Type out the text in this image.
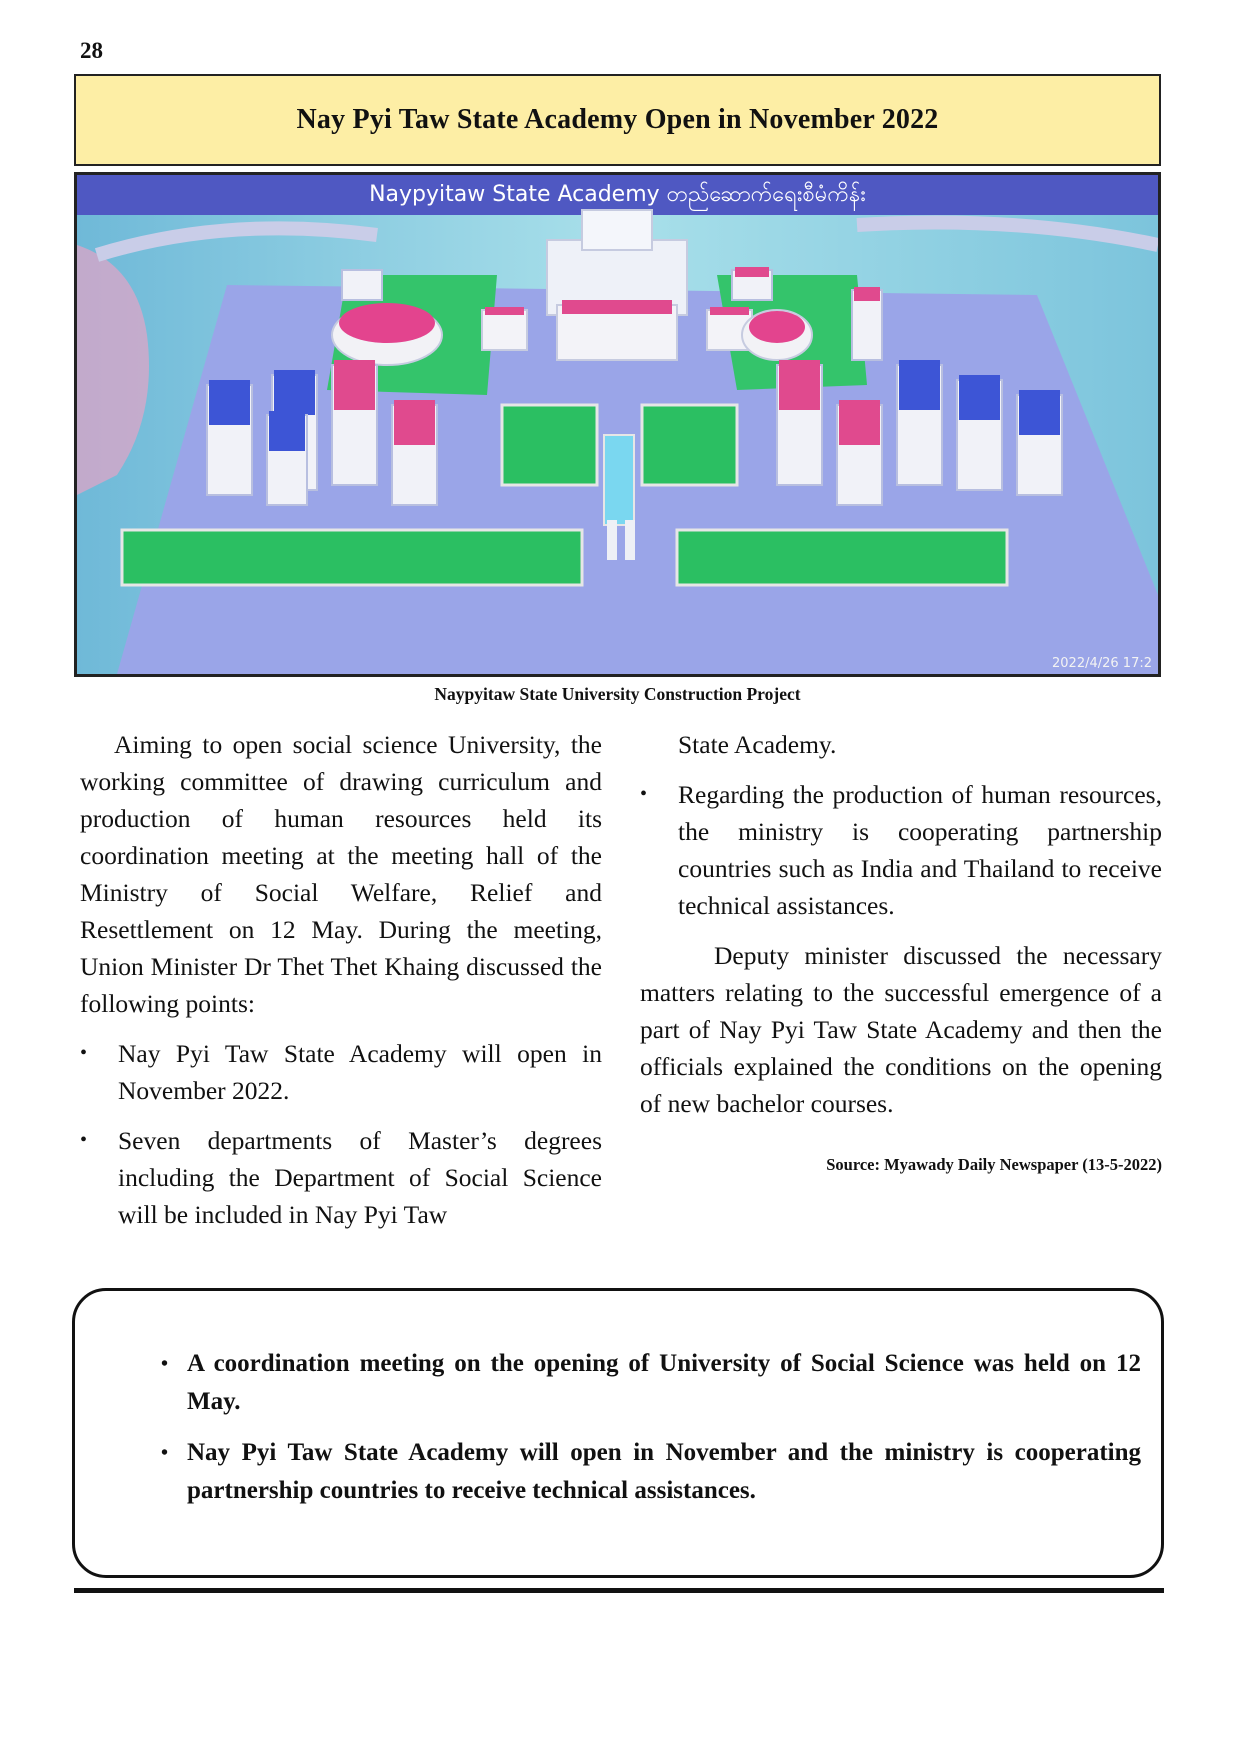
28
Nay Pyi Taw State Academy Open in November 2022
Naypyitaw State Academy တည်ဆောက်ရေးစီမံကိန်း
2022/4/26 17:2
Naypyitaw State University Construction Project

Aiming to open social science University, the working committee of drawing curriculum and production of human resources held its coordination meeting at the meeting hall of the Ministry of Social Welfare, Relief and Resettlement on 12 May. During the meeting, Union Minister Dr Thet Thet Khaing discussed the following points:

•	Nay Pyi Taw State Academy will open in November 2022.
•	Seven departments of Master’s degrees including the Department of Social Science will be included in Nay Pyi Taw
State Academy.
•	Regarding the production of human resources, the ministry is cooperating partnership countries such as India and Thailand to receive technical assistances.

Deputy minister discussed the necessary matters relating to the successful emergence of a part of Nay Pyi Taw State Academy and then the officials explained the conditions on the opening of new bachelor courses.

Source: Myawady Daily Newspaper (13-5-2022)
• A coordination meeting on the opening of University of Social Science was held on 12 May.
• Nay Pyi Taw State Academy will open in November and the ministry is cooperating partnership countries to receive technical assistances.
